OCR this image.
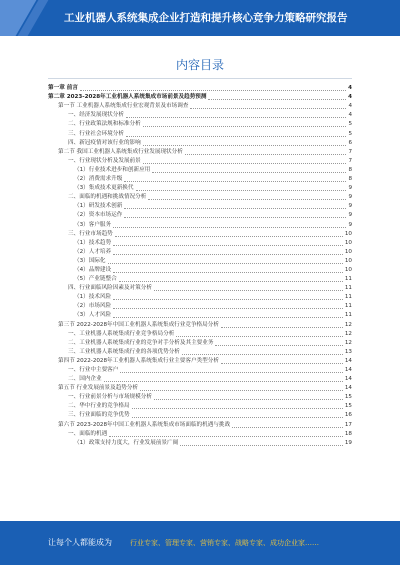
工业机器人系统集成企业打造和提升核心竞争力策略研究报告
内容目录
第一章 前言	4
第二章 2023-2028年工业机器人系统集成市场前景及趋势预测	4
第一节 工业机器人系统集成行业宏观背景及市场调查	4
一、经济发展现状分析	4
二、行业政策法规和标准分析	5
三、行业社会环境分析	5
四、新冠疫情对该行业的影响	6
第二节 我国工业机器人系统集成行业发展现状分析	7
一、行业现状分析及发展前景	7
（1）行业技术进步和创新应用	8
（2）消费需求升级	8
（3）集成技术更新换代	9
二、面临的机遇和挑战情况分析	9
（1）研发技术创新	9
（2）资本市场运作	9
（3）客户服务	9
三、行业市场趋势	10
（1）技术趋势	10
（2）人才培养	10
（3）国际化	10
（4）品牌建设	10
（5）产业链整合	11
四、行业面临风险因素及对策分析	11
（1）技术风险	11
（2）市场风险	11
（3）人才风险	11
第三节 2022-2028年中国工业机器人系统集成行业竞争格局分析	12
一、工业机器人系统集成行业竞争格局分析	12
二、工业机器人系统集成行业的竞争对手分析及其主要业务	12
三、工业机器人系统集成行业的各项优势分析	13
第四节 2022-2028年工业机器人系统集成行业主要客户类型分析	14
一、行业中主要客户	14
二、国内企业	14
第五节 行业发展前景及趋势分析	14
一、行业前景分析与市场规模分析	15
二、华中行业的竞争格局	15
三、行业面临的竞争优势	16
第六节 2023-2028年中国工业机器人系统集成市场面临的机遇与挑战	17
一、面临的机遇	18
（1）政策支持力度大，行业发展前景广阔	19
让每个人都能成为	行业专家、管理专家、营销专家、战略专家、成功企业家……
